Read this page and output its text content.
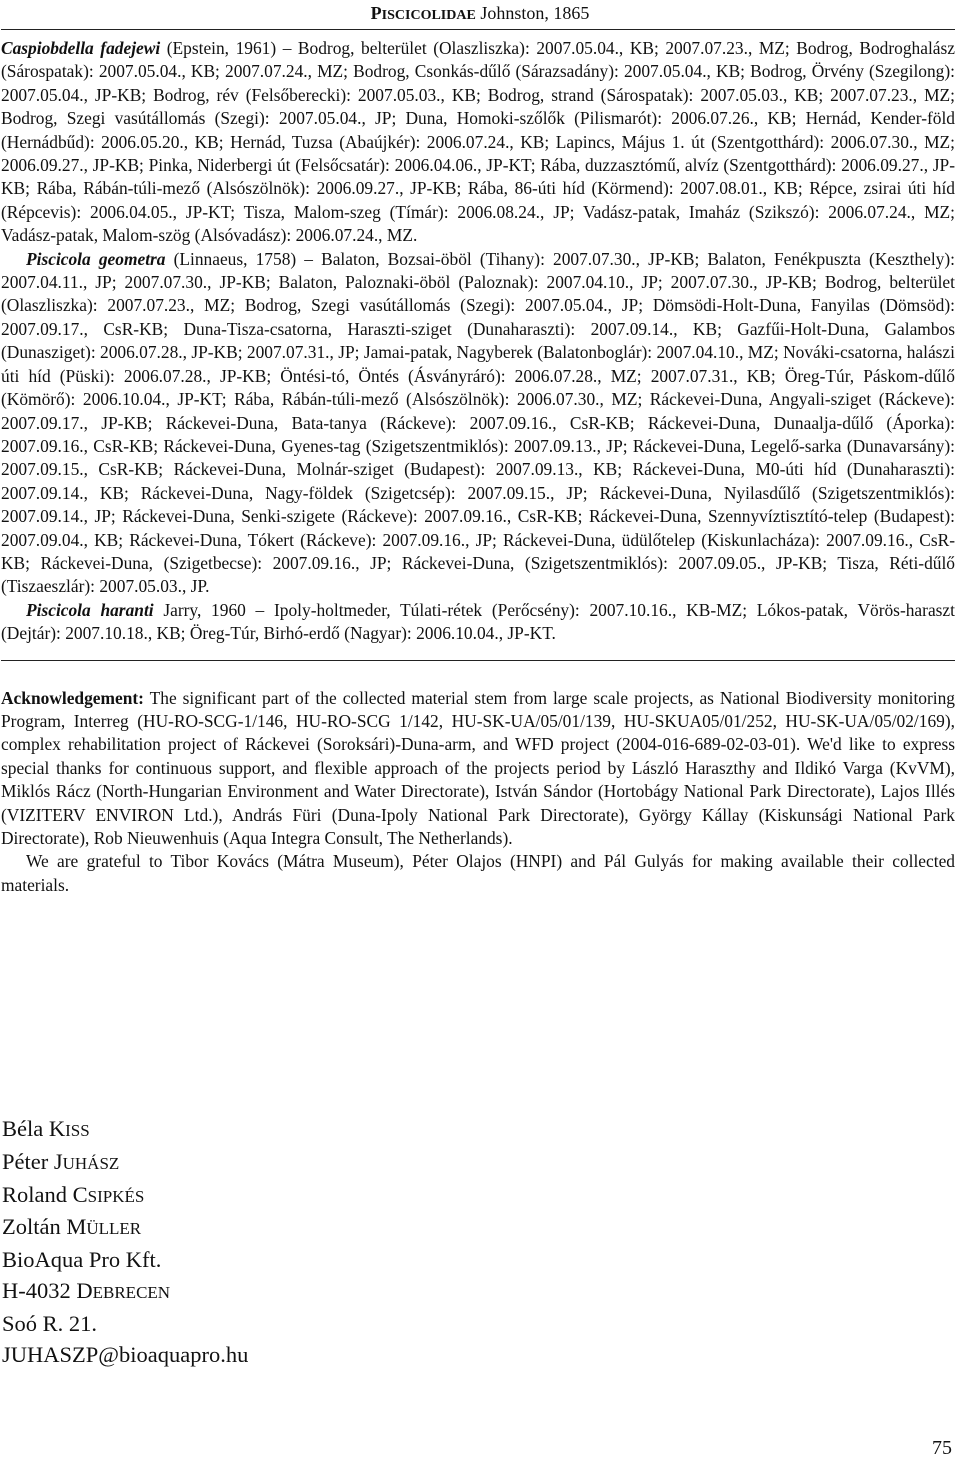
PISCICOLIDAE Johnston, 1865

Caspiobdella fadejewi (Epstein, 1961) – Bodrog, belterület (Olaszliszka): 2007.05.04., KB; 2007.07.23., MZ; Bodrog, Bodroghalász (Sárospatak): 2007.05.04., KB; 2007.07.24., MZ; Bodrog, Csonkás-dűlő (Sárazsadány): 2007.05.04., KB; Bodrog, Örvény (Szegilong): 2007.05.04., JP-KB; Bodrog, rév (Felsőberecki): 2007.05.03., KB; Bodrog, strand (Sárospatak): 2007.05.03., KB; 2007.07.23., MZ; Bodrog, Szegi vasútállomás (Szegi): 2007.05.04., JP; Duna, Homoki-szőlők (Pilismarót): 2006.07.26., KB; Hernád, Kender-föld (Hernádbűd): 2006.05.20., KB; Hernád, Tuzsa (Abaújkér): 2006.07.24., KB; Lapincs, Május 1. út (Szentgotthárd): 2006.07.30., MZ; 2006.09.27., JP-KB; Pinka, Niderbergi út (Felsőcsatár): 2006.04.06., JP-KT; Rába, duzzasztómű, alvíz (Szentgotthárd): 2006.09.27., JP-KB; Rába, Rábán-túli-mező (Alsószölnök): 2006.09.27., JP-KB; Rába, 86-úti híd (Körmend): 2007.08.01., KB; Répce, zsirai úti híd (Répcevis): 2006.04.05., JP-KT; Tisza, Malom-szeg (Tímár): 2006.08.24., JP; Vadász-patak, Imaház (Szikszó): 2006.07.24., MZ; Vadász-patak, Malom-szög (Alsóvadász): 2006.07.24., MZ.

Piscicola geometra (Linnaeus, 1758) – Balaton, Bozsai-öböl (Tihany): 2007.07.30., JP-KB; Balaton, Fenékpuszta (Keszthely): 2007.04.11., JP; 2007.07.30., JP-KB; Balaton, Paloznaki-öböl (Paloznak): 2007.04.10., JP; 2007.07.30., JP-KB; Bodrog, belterület (Olaszliszka): 2007.07.23., MZ; Bodrog, Szegi vasútállomás (Szegi): 2007.05.04., JP; Dömsödi-Holt-Duna, Fanyilas (Dömsöd): 2007.09.17., CsR-KB; Duna-Tisza-csatorna, Haraszti-sziget (Dunaharaszti): 2007.09.14., KB; Gazfűi-Holt-Duna, Galambos (Dunasziget): 2006.07.28., JP-KB; 2007.07.31., JP; Jamai-patak, Nagyberek (Balatonboglár): 2007.04.10., MZ; Nováki-csatorna, halászi úti híd (Püski): 2006.07.28., JP-KB; Öntési-tó, Öntés (Ásványráró): 2006.07.28., MZ; 2007.07.31., KB; Öreg-Túr, Páskom-dűlő (Kömörő): 2006.10.04., JP-KT; Rába, Rábán-túli-mező (Alsószölnök): 2006.07.30., MZ; Ráckevei-Duna, Angyali-sziget (Ráckeve): 2007.09.17., JP-KB; Ráckevei-Duna, Bata-tanya (Ráckeve): 2007.09.16., CsR-KB; Ráckevei-Duna, Dunaalja-dűlő (Áporka): 2007.09.16., CsR-KB; Ráckevei-Duna, Gyenes-tag (Szigetszentmiklós): 2007.09.13., JP; Ráckevei-Duna, Legelő-sarka (Dunavarsány): 2007.09.15., CsR-KB; Ráckevei-Duna, Molnár-sziget (Budapest): 2007.09.13., KB; Ráckevei-Duna, M0-úti híd (Dunaharaszti): 2007.09.14., KB; Ráckevei-Duna, Nagy-földek (Szigetcsép): 2007.09.15., JP; Ráckevei-Duna, Nyilasdűlő (Szigetszentmiklós): 2007.09.14., JP; Ráckevei-Duna, Senki-szigete (Ráckeve): 2007.09.16., CsR-KB; Ráckevei-Duna, Szennyvíztisztító-telep (Budapest): 2007.09.04., KB; Ráckevei-Duna, Tókert (Ráckeve): 2007.09.16., JP; Ráckevei-Duna, üdülőtelep (Kiskunlacháza): 2007.09.16., CsR-KB; Ráckevei-Duna, (Szigetbecse): 2007.09.16., JP; Ráckevei-Duna, (Szigetszentmiklós): 2007.09.05., JP-KB; Tisza, Réti-dűlő (Tiszaeszlár): 2007.05.03., JP.

Piscicola haranti Jarry, 1960 – Ipoly-holtmeder, Túlati-rétek (Perőcsény): 2007.10.16., KB-MZ; Lókos-patak, Vörös-haraszt (Dejtár): 2007.10.18., KB; Öreg-Túr, Birhó-erdő (Nagyar): 2006.10.04., JP-KT.

Acknowledgement: The significant part of the collected material stem from large scale projects, as National Biodiversity monitoring Program, Interreg (HU-RO-SCG-1/146, HU-RO-SCG 1/142, HU-SK-UA/05/01/139, HU-SKUA05/01/252, HU-SK-UA/05/02/169), complex rehabilitation project of Ráckevei (Soroksári)-Duna-arm, and WFD project (2004-016-689-02-03-01). We'd like to express special thanks for continuous support, and flexible approach of the projects period by László Haraszthy and Ildikó Varga (KvVM), Miklós Rácz (North-Hungarian Environment and Water Directorate), István Sándor (Hortobágy National Park Directorate), Lajos Illés (VIZITERV ENVIRON Ltd.), András Füri (Duna-Ipoly National Park Directorate), György Kállay (Kiskunsági National Park Directorate), Rob Nieuwenhuis (Aqua Integra Consult, The Netherlands).

We are grateful to Tibor Kovács (Mátra Museum), Péter Olajos (HNPI) and Pál Gulyás for making available their collected materials.

Béla KISS
Péter JUHÁSZ
Roland CSIPKÉS
Zoltán MÜLLER
BioAqua Pro Kft.
H-4032 DEBRECEN
Soó R. 21.
JUHASZP@bioaquapro.hu
75
